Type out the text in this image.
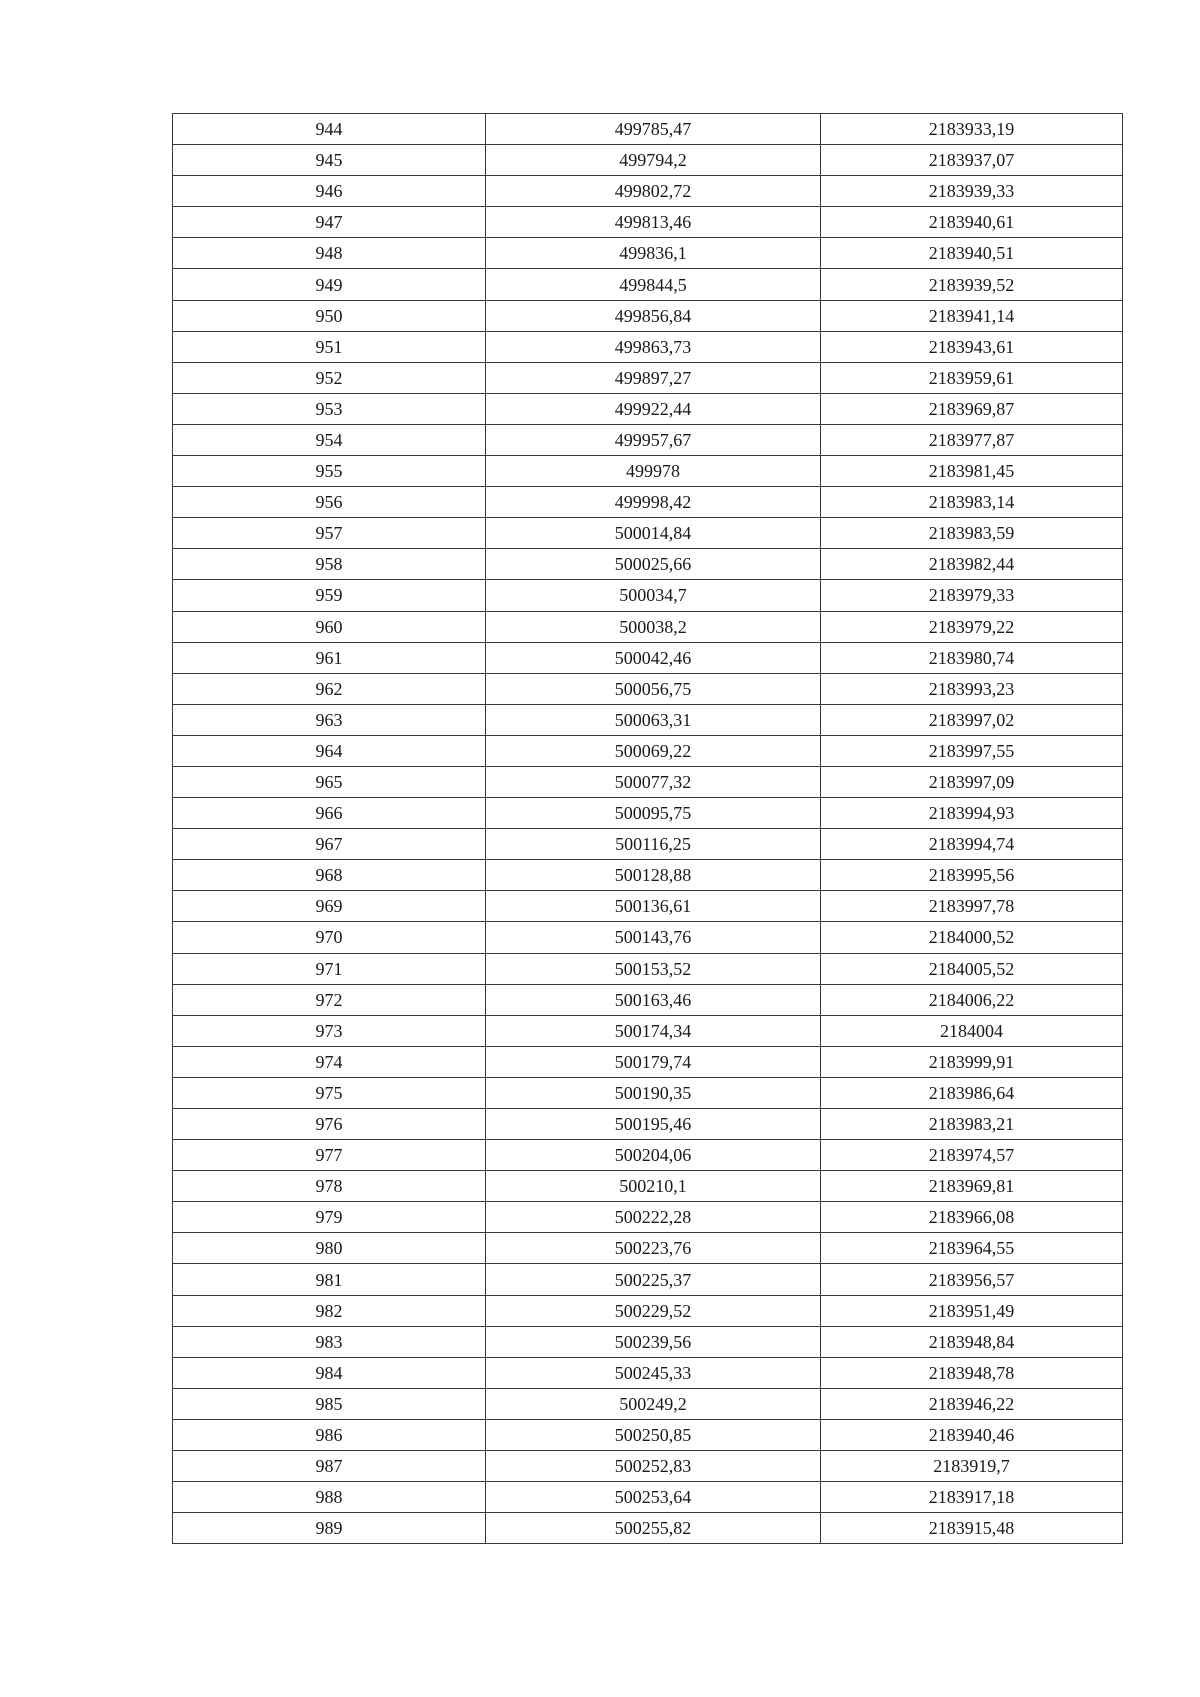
944	499785,47	2183933,19
945	499794,2	2183937,07
946	499802,72	2183939,33
947	499813,46	2183940,61
948	499836,1	2183940,51
949	499844,5	2183939,52
950	499856,84	2183941,14
951	499863,73	2183943,61
952	499897,27	2183959,61
953	499922,44	2183969,87
954	499957,67	2183977,87
955	499978	2183981,45
956	499998,42	2183983,14
957	500014,84	2183983,59
958	500025,66	2183982,44
959	500034,7	2183979,33
960	500038,2	2183979,22
961	500042,46	2183980,74
962	500056,75	2183993,23
963	500063,31	2183997,02
964	500069,22	2183997,55
965	500077,32	2183997,09
966	500095,75	2183994,93
967	500116,25	2183994,74
968	500128,88	2183995,56
969	500136,61	2183997,78
970	500143,76	2184000,52
971	500153,52	2184005,52
972	500163,46	2184006,22
973	500174,34	2184004
974	500179,74	2183999,91
975	500190,35	2183986,64
976	500195,46	2183983,21
977	500204,06	2183974,57
978	500210,1	2183969,81
979	500222,28	2183966,08
980	500223,76	2183964,55
981	500225,37	2183956,57
982	500229,52	2183951,49
983	500239,56	2183948,84
984	500245,33	2183948,78
985	500249,2	2183946,22
986	500250,85	2183940,46
987	500252,83	2183919,7
988	500253,64	2183917,18
989	500255,82	2183915,48
